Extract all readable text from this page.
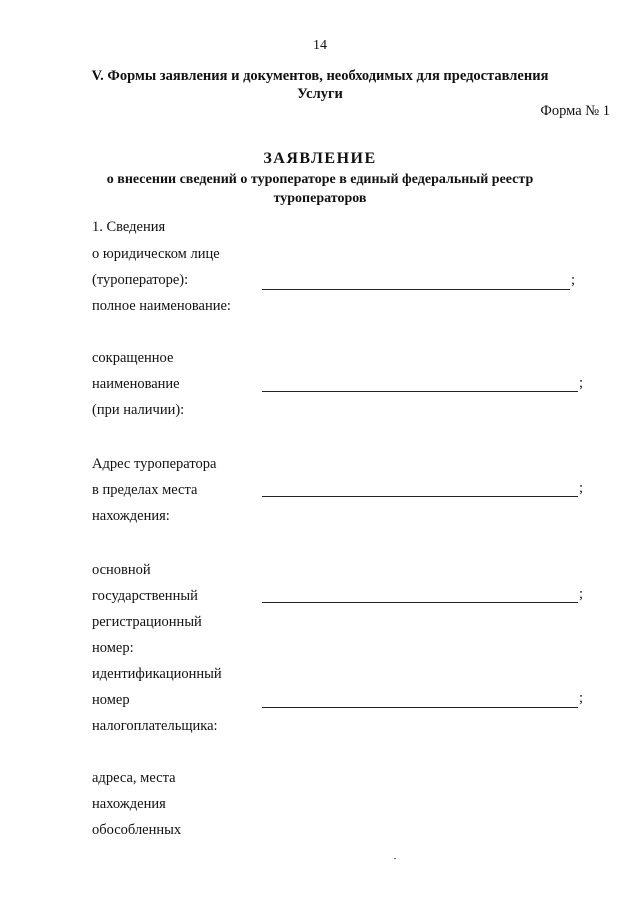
14
V. Формы заявления и документов, необходимых для предоставления
Услуги
Форма № 1
ЗАЯВЛЕНИЕ
о внесении сведений о туроператоре в единый федеральный реестр
туроператоров
1. Сведения
о юридическом лице
(туроператоре):
полное наименование:
;
сокращенное
наименование
(при наличии):
;
Адрес туроператора
в пределах места
нахождения:
;
основной
государственный
регистрационный
номер:
;
идентификационный
номер
налогоплательщика:
;
адреса, места
нахождения
обособленных
